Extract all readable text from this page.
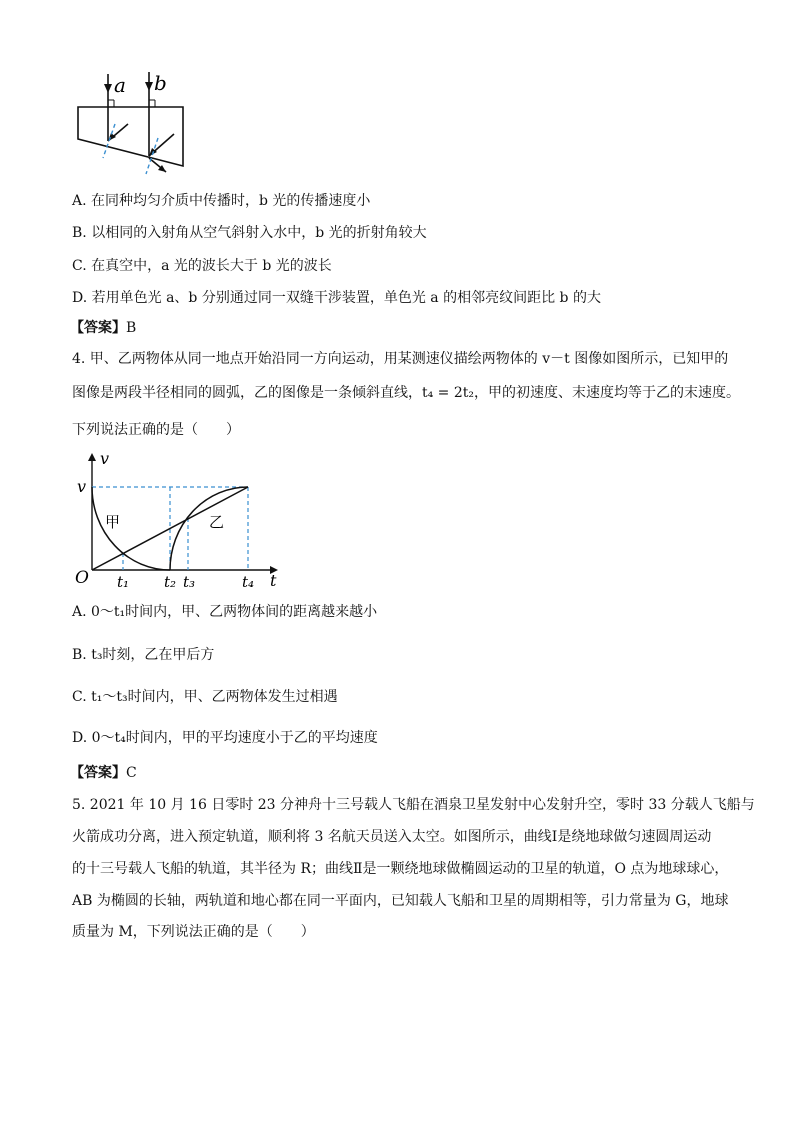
a b
A. 在同种均匀介质中传播时，b 光的传播速度小
B. 以相同的入射角从空气斜射入水中，b 光的折射角较大
C. 在真空中，a 光的波长大于 b 光的波长
D. 若用单色光 a、b 分别通过同一双缝干涉装置，单色光 a 的相邻亮纹间距比 b 的大
【答案】B
4. 甲、乙两物体从同一地点开始沿同一方向运动，用某测速仪描绘两物体的 v－t 图像如图所示，已知甲的
图像是两段半径相同的圆弧，乙的图像是一条倾斜直线，t₄ = 2t₂，甲的初速度、末速度均等于乙的末速度。
下列说法正确的是（　　）
v
v
O	t
t₁ t₂ t₃	t₄
甲	乙
A. 0～t₁时间内，甲、乙两物体间的距离越来越小
B. t₃时刻，乙在甲后方
C. t₁～t₃时间内，甲、乙两物体发生过相遇
D. 0～t₄时间内，甲的平均速度小于乙的平均速度
【答案】C
5. 2021 年 10 月 16 日零时 23 分神舟十三号载人飞船在酒泉卫星发射中心发射升空，零时 33 分载人飞船与
火箭成功分离，进入预定轨道，顺利将 3 名航天员送入太空。如图所示，曲线Ⅰ是绕地球做匀速圆周运动
的十三号载人飞船的轨道，其半径为 R；曲线Ⅱ是一颗绕地球做椭圆运动的卫星的轨道，O 点为地球球心，
AB 为椭圆的长轴，两轨道和地心都在同一平面内，已知载人飞船和卫星的周期相等，引力常量为 G，地球
质量为 M，下列说法正确的是（　　）
